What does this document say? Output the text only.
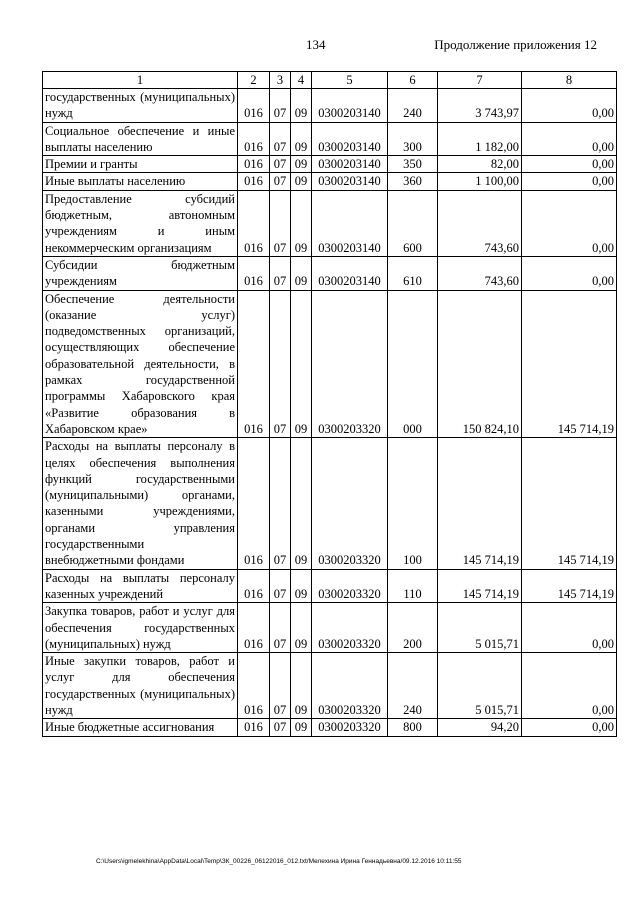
134	Продолжение приложения 12
1	2	3	4	5	6	7	8
государственных (муниципальных) нужд	016	07	09	0300203140	240	3 743,97	0,00
Социальное обеспечение и иные выплаты населению	016	07	09	0300203140	300	1 182,00	0,00
Премии и гранты	016	07	09	0300203140	350	82,00	0,00
Иные выплаты населению	016	07	09	0300203140	360	1 100,00	0,00
Предоставление субсидий бюджетным, автономным учреждениям и иным некоммерческим организациям	016	07	09	0300203140	600	743,60	0,00
Субсидии бюджетным учреждениям	016	07	09	0300203140	610	743,60	0,00
Обеспечение деятельности (оказание услуг) подведомственных организаций, осуществляющих обеспечение образовательной деятельности, в рамках государственной программы Хабаровского края «Развитие образования в Хабаровском крае»	016	07	09	0300203320	000	150 824,10	145 714,19
Расходы на выплаты персоналу в целях обеспечения выполнения функций государственными (муниципальными) органами, казенными учреждениями, органами управления государственными внебюджетными фондами	016	07	09	0300203320	100	145 714,19	145 714,19
Расходы на выплаты персоналу казенных учреждений	016	07	09	0300203320	110	145 714,19	145 714,19
Закупка товаров, работ и услуг для обеспечения государственных (муниципальных) нужд	016	07	09	0300203320	200	5 015,71	0,00
Иные закупки товаров, работ и услуг для обеспечения государственных (муниципальных) нужд	016	07	09	0300203320	240	5 015,71	0,00
Иные бюджетные ассигнования	016	07	09	0300203320	800	94,20	0,00
C:\Users\igmelekhina\AppData\Local\Temp\ЗК_00226_06122016_012.txt/Мелехина Ирина Геннадьевна/09.12.2016 10:11:55
